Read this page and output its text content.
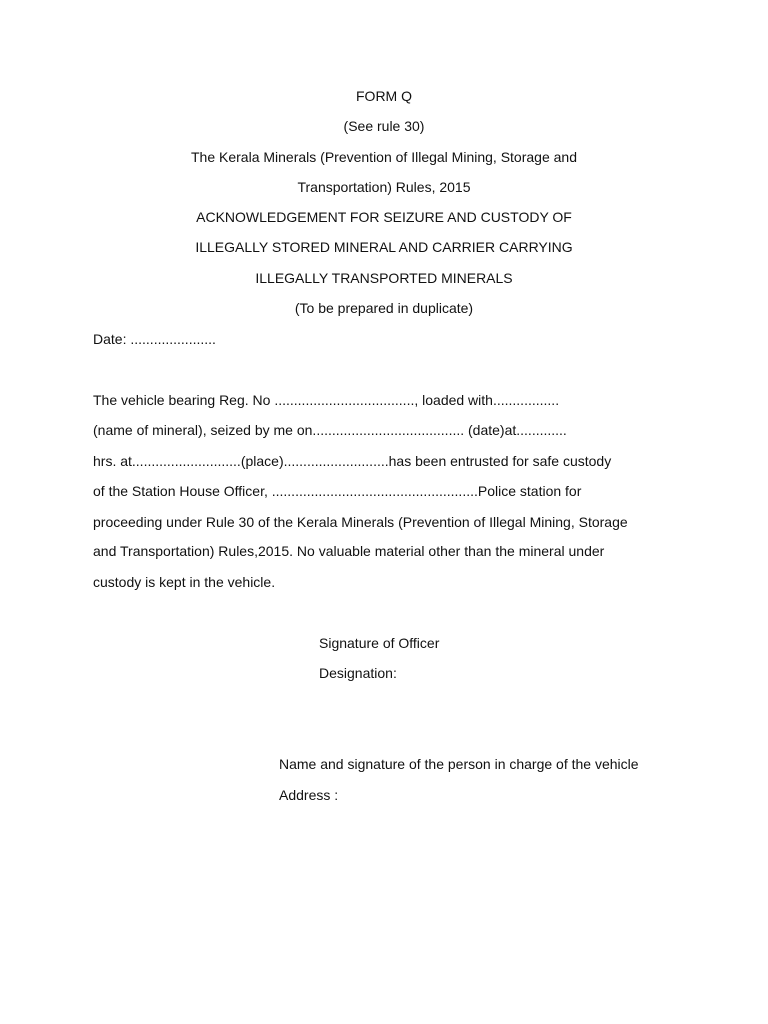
FORM Q
(See rule 30)
The Kerala Minerals (Prevention of Illegal Mining, Storage and
Transportation) Rules, 2015
ACKNOWLEDGEMENT FOR SEIZURE AND CUSTODY OF
ILLEGALLY STORED MINERAL AND CARRIER CARRYING
ILLEGALLY TRANSPORTED MINERALS
(To be prepared in duplicate)
Date: ......................
The vehicle bearing Reg. No ...................................., loaded with.................
(name of mineral), seized by me on....................................... (date)at.............
hrs. at............................(place)...........................has been entrusted for safe custody
of the Station House Officer, .....................................................Police station for
proceeding under Rule 30 of the Kerala Minerals (Prevention of Illegal Mining, Storage
and Transportation) Rules,2015. No valuable material other than the mineral under
custody is kept in the vehicle.
Signature of Officer
Designation:
Name and signature of the person in charge of the vehicle
Address :
